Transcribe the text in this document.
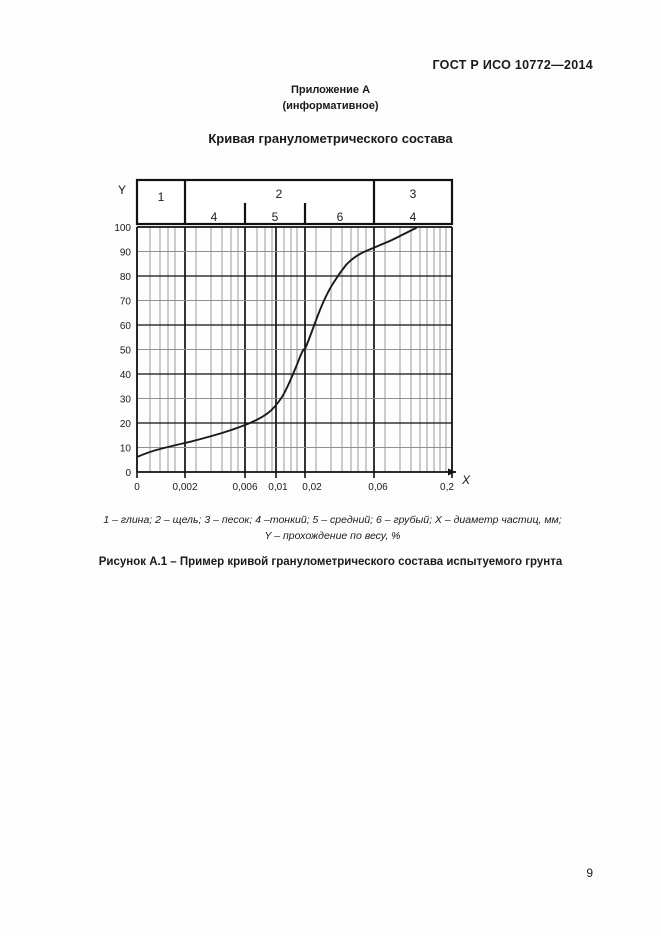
ГОСТ Р ИСО 10772—2014
Приложение А
(информативное)
Кривая гранулометрического состава
1	2	3
4	5	6	4
Y
X
100
90
80
70
60
50
40
30
20
10
0
0	0,002	0,006 0,01 0,02	0,06	0,2
1 – глина; 2 – щель; 3 – песок; 4 –тонкий; 5 – средний; 6 – грубый; X – диаметр частиц, мм;
Y – прохождение по весу, %
Рисунок А.1 – Пример кривой гранулометрического состава испытуемого грунта
9
